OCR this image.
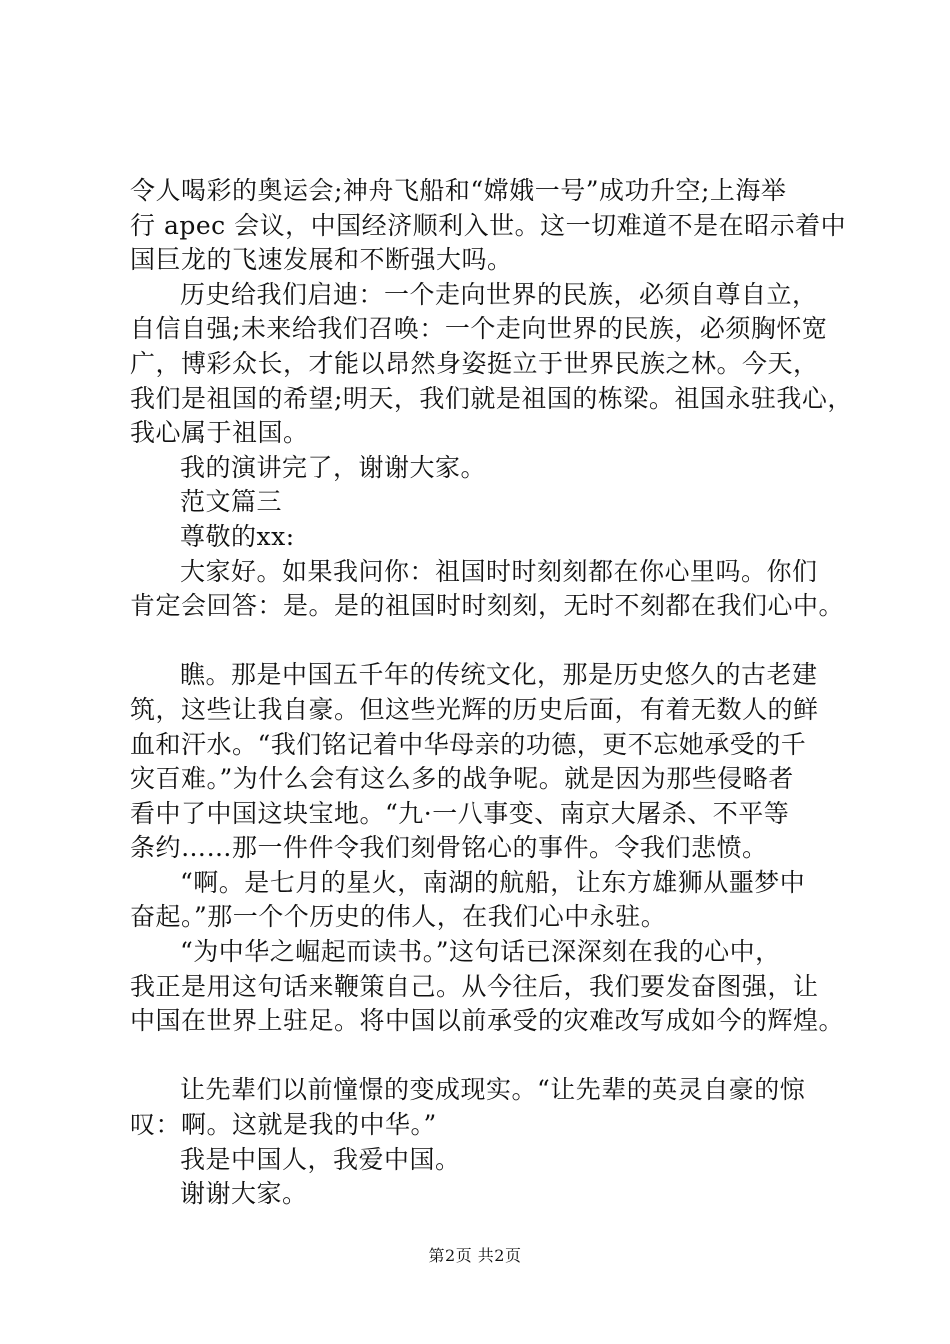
令人喝彩的奥运会;神舟飞船和“嫦娥一号”成功升空;上海举
行 apec 会议，中国经济顺利入世。这一切难道不是在昭示着中
国巨龙的飞速发展和不断强大吗。
历史给我们启迪：一个走向世界的民族，必须自尊自立，
自信自强;未来给我们召唤：一个走向世界的民族，必须胸怀宽
广，博彩众长，才能以昂然身姿挺立于世界民族之林。今天，
我们是祖国的希望;明天，我们就是祖国的栋梁。祖国永驻我心，
我心属于祖国。
我的演讲完了，谢谢大家。
范文篇三
尊敬的xx:
大家好。如果我问你：祖国时时刻刻都在你心里吗。你们
肯定会回答：是。是的祖国时时刻刻，无时不刻都在我们心中。
瞧。那是中国五千年的传统文化，那是历史悠久的古老建
筑，这些让我自豪。但这些光辉的历史后面，有着无数人的鲜
血和汗水。“我们铭记着中华母亲的功德，更不忘她承受的千
灾百难。”为什么会有这么多的战争呢。就是因为那些侵略者
看中了中国这块宝地。“九·一八事变、南京大屠杀、不平等
条约……那一件件令我们刻骨铭心的事件。令我们悲愤。
“啊。是七月的星火，南湖的航船，让东方雄狮从噩梦中
奋起。”那一个个历史的伟人，在我们心中永驻。
“为中华之崛起而读书。”这句话已深深刻在我的心中，
我正是用这句话来鞭策自己。从今往后，我们要发奋图强，让
中国在世界上驻足。将中国以前承受的灾难改写成如今的辉煌。
让先辈们以前憧憬的变成现实。“让先辈的英灵自豪的惊
叹：啊。这就是我的中华。”
我是中国人，我爱中国。
谢谢大家。
第2页 共2页
